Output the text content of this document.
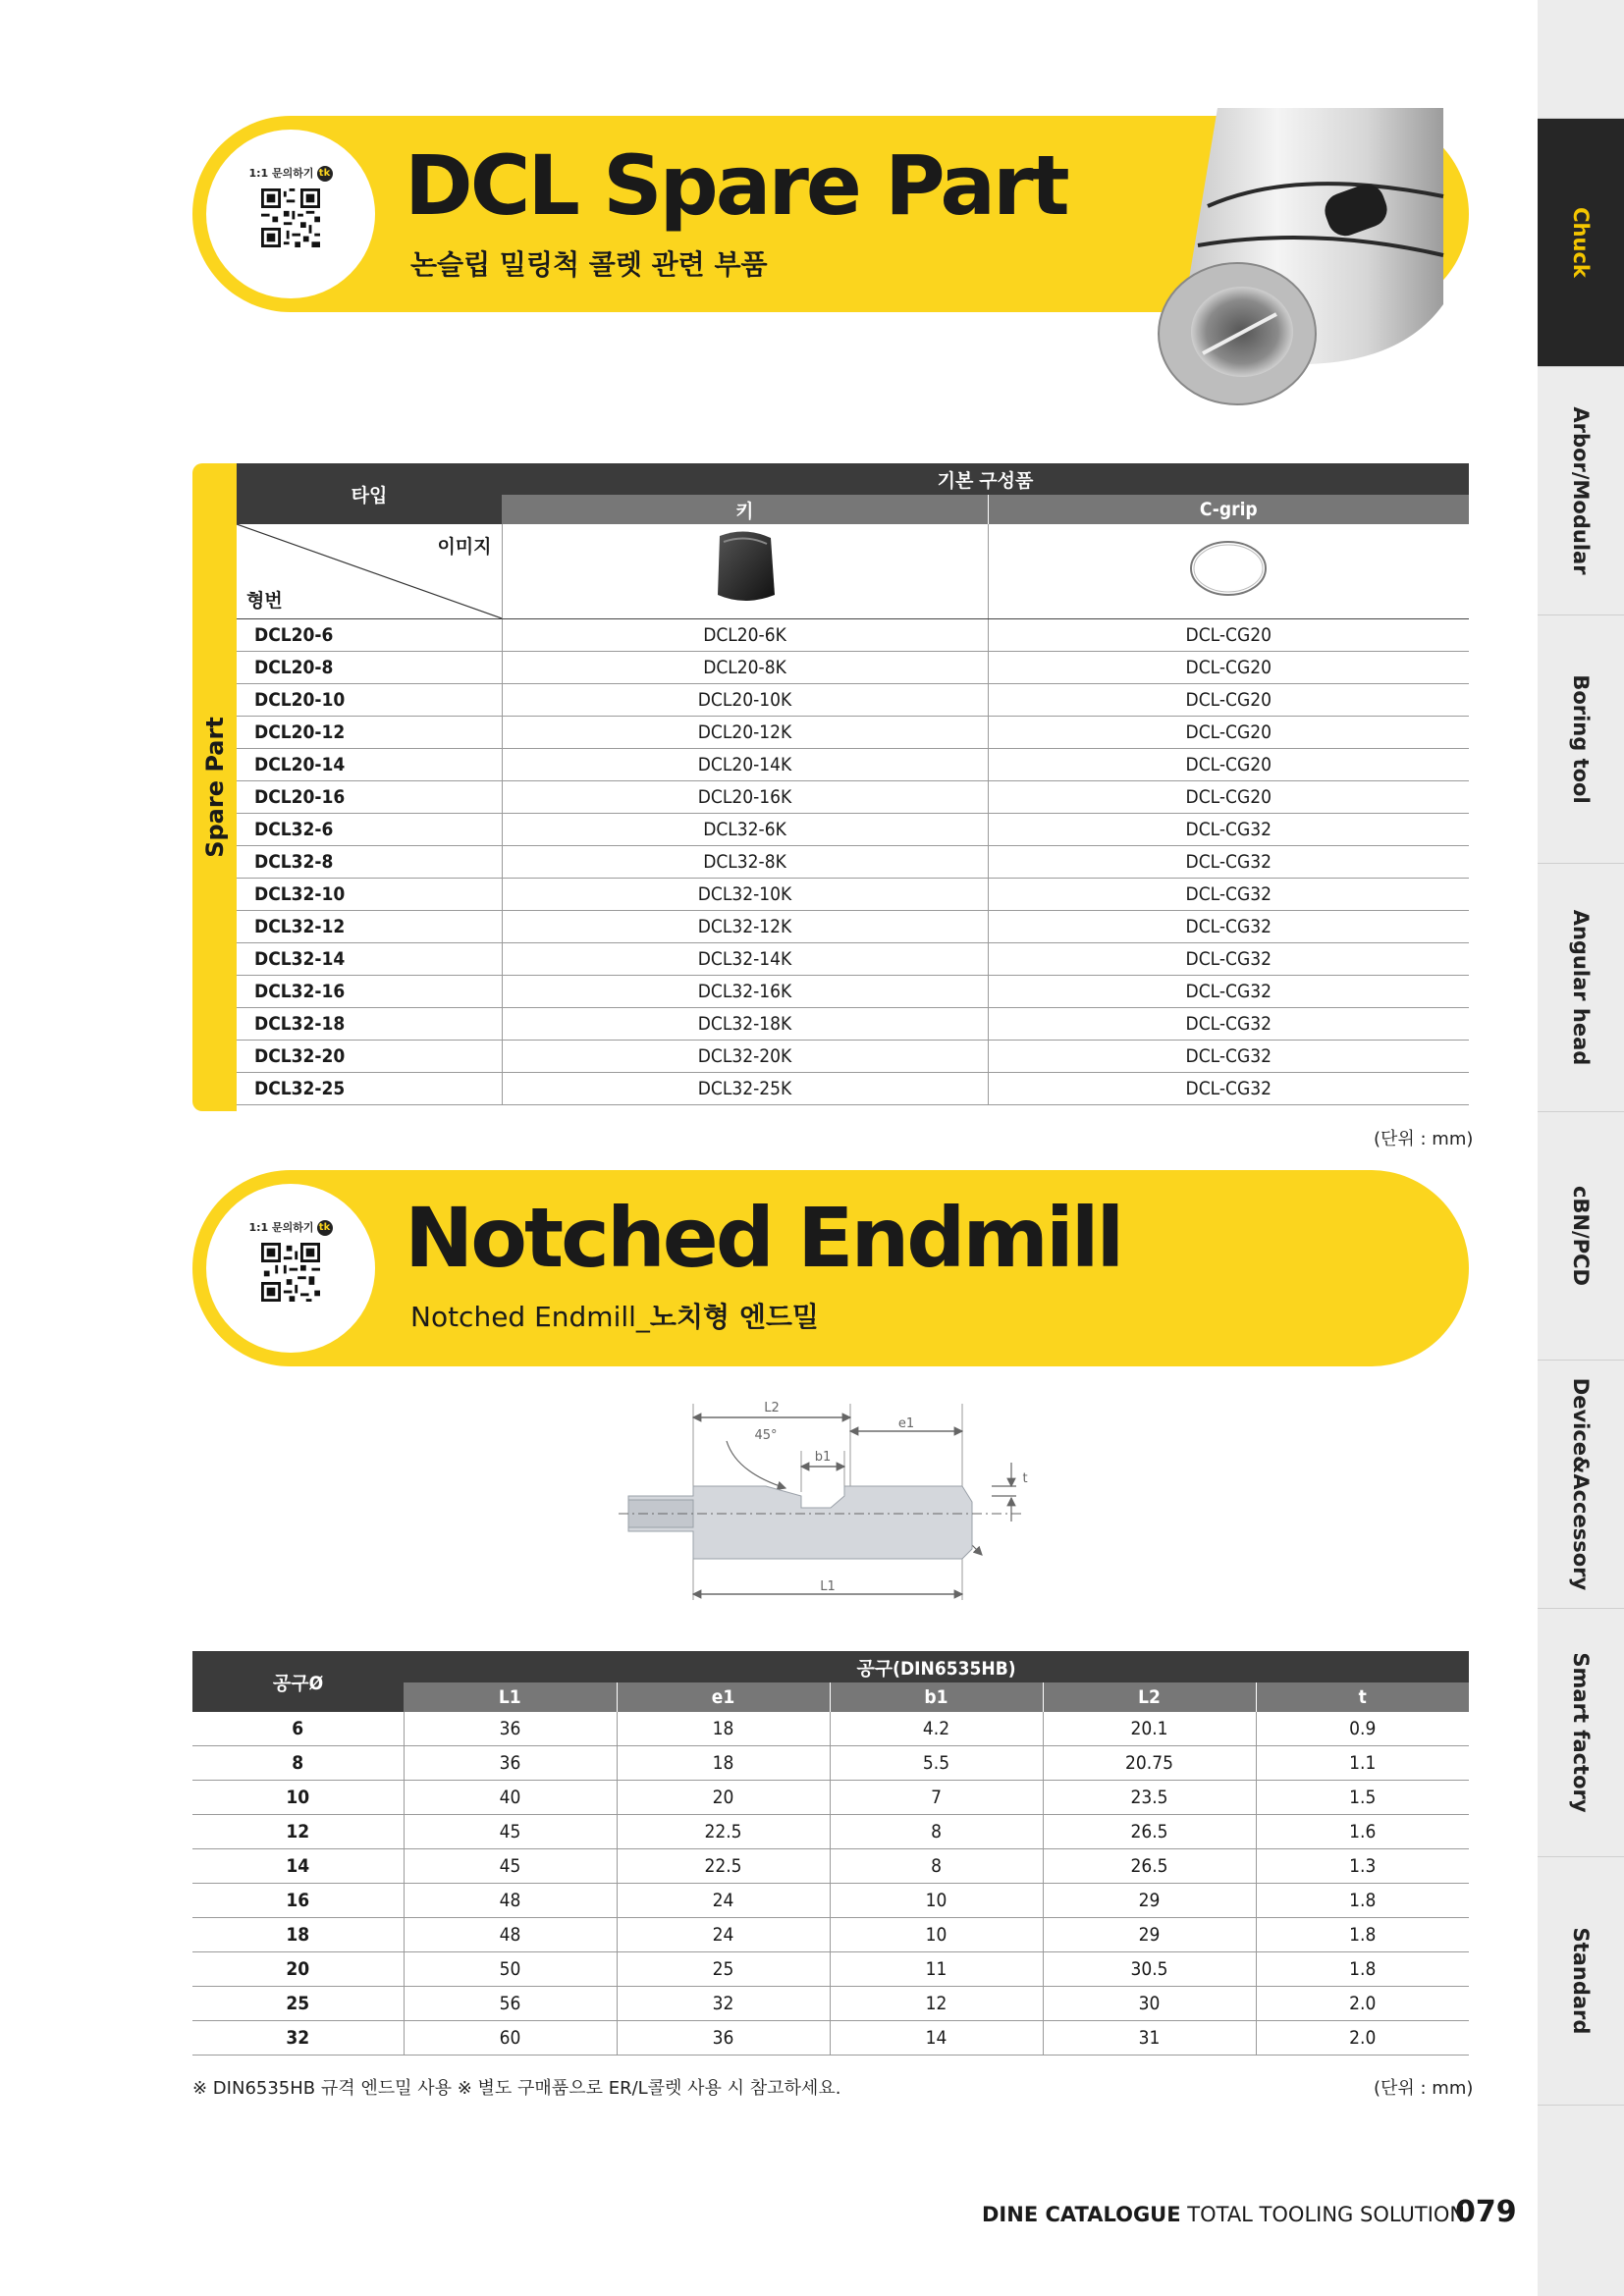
Chuck
Arbor/Modular
Boring tool
Angular head
cBN/PCD
Device&Accessory
Smart factory
Standard
1:1 문의하기 tk DCL Spare Part
논슬립 밀링척 콜렛 관련 부품
Spare Part
타입	기본 구성품	
	키	C-grip

이미지
형번

DCL20-6	DCL20-6K	DCL-CG20
DCL20-8	DCL20-8K	DCL-CG20
DCL20-10	DCL20-10K	DCL-CG20
DCL20-12	DCL20-12K	DCL-CG20
DCL20-14	DCL20-14K	DCL-CG20
DCL20-16	DCL20-16K	DCL-CG20
DCL32-6	DCL32-6K	DCL-CG32
DCL32-8	DCL32-8K	DCL-CG32
DCL32-10	DCL32-10K	DCL-CG32
DCL32-12	DCL32-12K	DCL-CG32
DCL32-14	DCL32-14K	DCL-CG32
DCL32-16	DCL32-16K	DCL-CG32
DCL32-18	DCL32-18K	DCL-CG32
DCL32-20	DCL32-20K	DCL-CG32
DCL32-25	DCL32-25K	DCL-CG32
(단위 : mm)
1:1 문의하기 tk Notched Endmill
Notched Endmill_노치형 엔드밀
L2
e1
45°
b1
t
L1
공구Ø	공구(DIN6535HB)				
	L1	e1	b1	L2	t
6	36	18	4.2	20.1	0.9
8	36	18	5.5	20.75	1.1
10	40	20	7	23.5	1.5
12	45	22.5	8	26.5	1.6
14	45	22.5	8	26.5	1.3
16	48	24	10	29	1.8
18	48	24	10	29	1.8
20	50	25	11	30.5	1.8
25	56	32	12	30	2.0
32	60	36	14	31	2.0
※ DIN6535HB 규격 엔드밀 사용 ※ 별도 구매품으로 ER/L콜렛 사용 시 참고하세요.	(단위 : mm)
DINE CATALOGUE TOTAL TOOLING SOLUTION
079
